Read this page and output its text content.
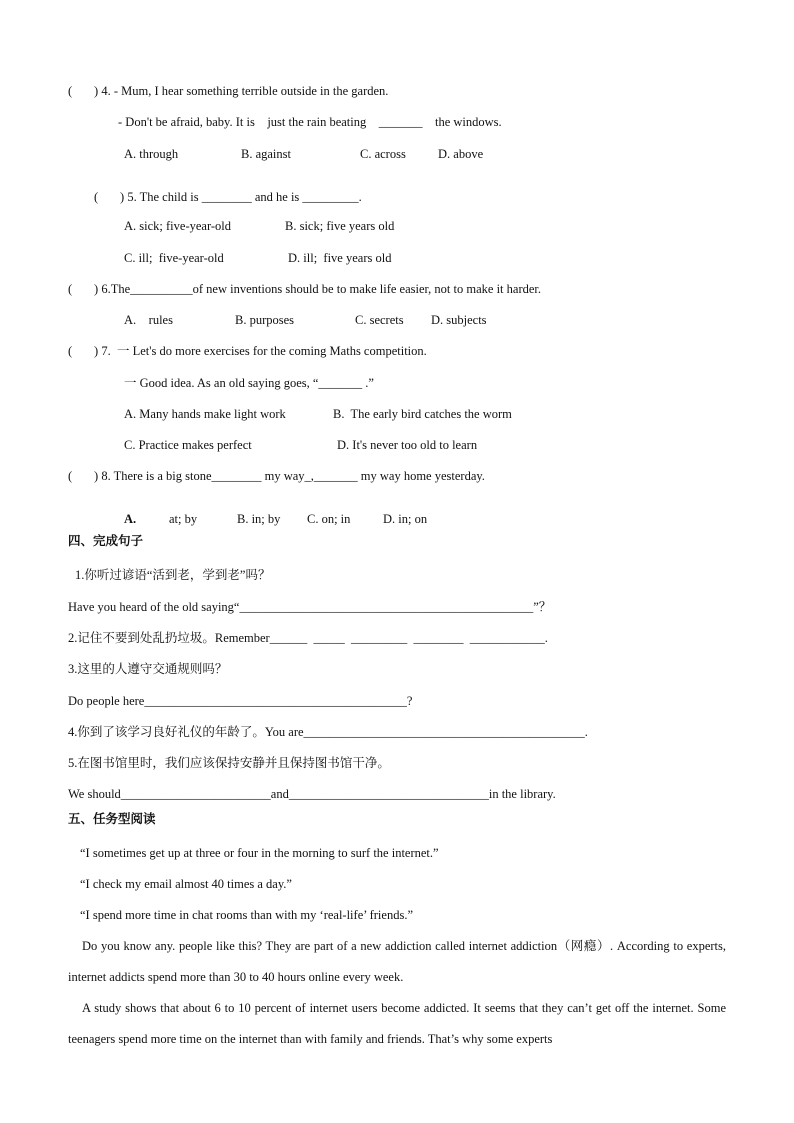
(       ) 4. - Mum, I hear something terrible outside in the garden.
- Don't be afraid, baby. It is    just the rain beating    _______    the windows.
A. through	B. against	C. across	D. above
(       ) 5. The child is ________ and he is _________.
A. sick; five-year-old	B. sick; five years old
C. ill;  five-year-old	D. ill;  five years old
(       ) 6.The__________of new inventions should be to make life easier, not to make it harder.
A.    rules	B. purposes	C. secrets D. subjects
(       ) 7.  一 Let's do more exercises for the coming Maths competition.
一 Good idea. As an old saying goes, “_______ .”
A. Many hands make light work	B.  The early bird catches the worm
C. Practice makes perfect	D. It's never too old to learn
(       ) 8. There is a big stone________ my way_,_______ my way home yesterday.
A.	at; by	B. in; by C. on; in	D. in; on
四、完成句子
1.你听过谚语“活到老，学到老”吗？
Have you heard of the old saying“_______________________________________________”？
2.记住不要到处乱扔垃圾。Remember______  _____  _________  ________  ____________.
3.这里的人遵守交通规则吗？
Do people here__________________________________________?
4.你到了该学习良好礼仪的年龄了。You are_____________________________________________.
5.在图书馆里时，我们应该保持安静并且保持图书馆干净。
We should________________________and________________________________in the library.
五、任务型阅读
“I sometimes get up at three or four in the morning to surf the internet.”
“I check my email almost 40 times a day.”
“I spend more time in chat rooms than with my ‘real-life’ friends.”
Do you know any. people like this? They are part of a new addiction called internet addiction（网瘾）. According to experts, internet addicts spend more than 30 to 40 hours online every week.
A study shows that about 6 to 10 percent of internet users become addicted. It seems that they can’t get off the internet. Some teenagers spend more time on the internet than with family and friends. That’s why some experts
